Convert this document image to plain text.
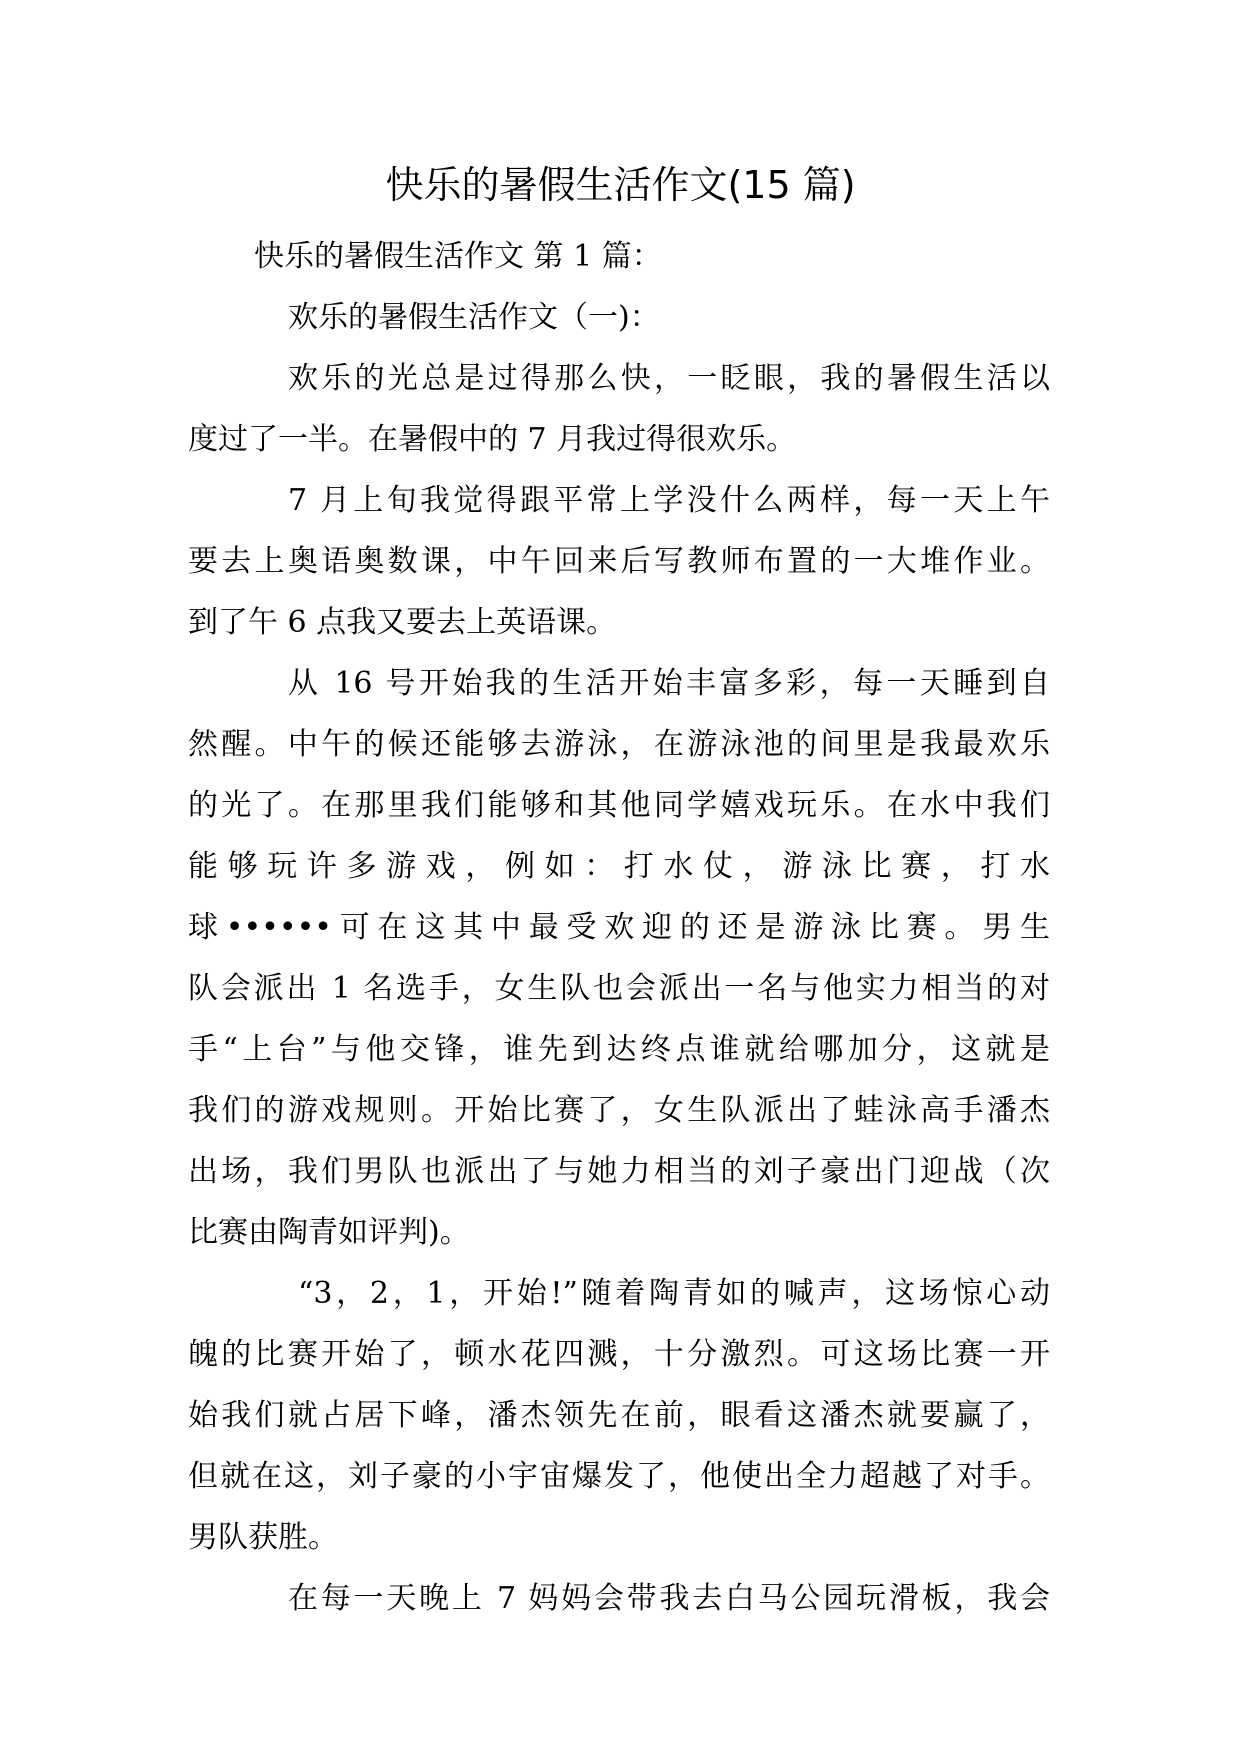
快乐的暑假生活作文(15 篇)

快乐的暑假生活作文 第 1 篇：

欢乐的暑假生活作文（一)：

欢乐的光总是过得那么快，一眨眼，我的暑假生活以

度过了一半。在暑假中的 7 月我过得很欢乐。

7 月上旬我觉得跟平常上学没什么两样，每一天上午

要去上奥语奥数课，中午回来后写教师布置的一大堆作业。

到了午 6 点我又要去上英语课。

从 16 号开始我的生活开始丰富多彩，每一天睡到自

然醒。中午的候还能够去游泳，在游泳池的间里是我最欢乐

的光了。在那里我们能够和其他同学嬉戏玩乐。在水中我们

能够玩许多游戏，例如：打水仗，游泳比赛，打水

球••••••可在这其中最受欢迎的还是游泳比赛。男生

队会派出 1 名选手，女生队也会派出一名与他实力相当的对

手“上台”与他交锋，谁先到达终点谁就给哪加分，这就是

我们的游戏规则。开始比赛了，女生队派出了蛙泳高手潘杰

出场，我们男队也派出了与她力相当的刘子豪出门迎战（次

比赛由陶青如评判)。

“3，2，1，开始!”随着陶青如的喊声，这场惊心动

魄的比赛开始了，顿水花四溅，十分激烈。可这场比赛一开

始我们就占居下峰，潘杰领先在前，眼看这潘杰就要赢了，

但就在这，刘子豪的小宇宙爆发了，他使出全力超越了对手。

男队获胜。

在每一天晚上 7 妈妈会带我去白马公园玩滑板，我会
